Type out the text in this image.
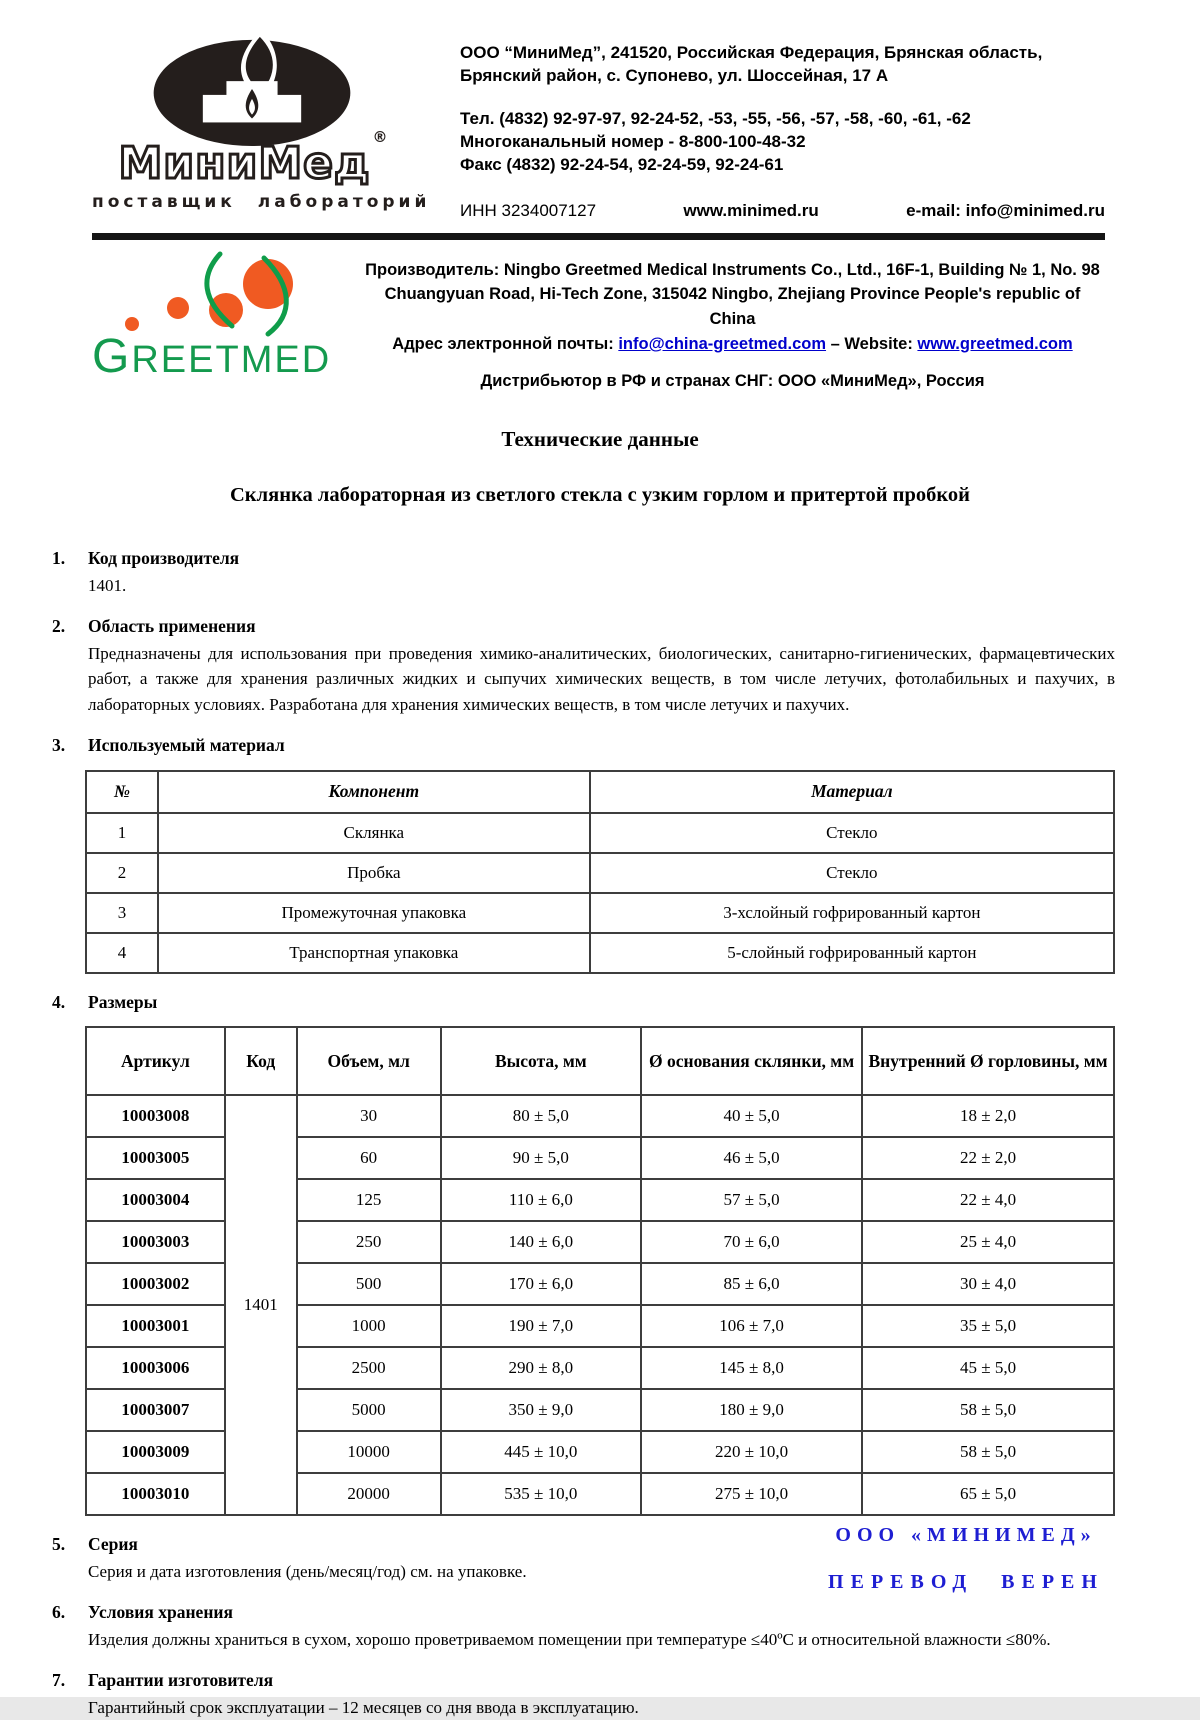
МиниМед®
поставщик лабораторий
ООО “МиниМед”, 241520, Российская Федерация, Брянская область,
Брянский район, с. Супонево, ул. Шоссейная, 17 А
Тел. (4832) 92-97-97, 92-24-52, -53, -55, -56, -57, -58, -60, -61, -62
Многоканальный номер - 8-800-100-48-32
Факс (4832) 92-24-54, 92-24-59, 92-24-61
ИНН 3234007127	www.minimed.ru	e-mail: info@minimed.ru
GREETMED
Производитель: Ningbo Greetmed Medical Instruments Co., Ltd., 16F-1, Building № 1, No. 98
Chuangyuan Road, Hi-Tech Zone, 315042 Ningbo, Zhejiang Province People's republic of China
Адрес электронной почты: info@china-greetmed.com – Website: www.greetmed.com
Дистрибьютор в РФ и странах СНГ: ООО «МиниМед», Россия
Технические данные
Склянка лабораторная из светлого стекла с узким горлом и притертой пробкой
1.	Код производителя
1401.
2.	Область применения
Предназначены для использования при проведения химико-аналитических, биологических, санитарно-гигиенических, фармацевтических работ, а также для хранения различных жидких и сыпучих химических веществ, в том числе летучих, фотолабильных и пахучих, в лабораторных условиях. Разработана для хранения химических веществ, в том числе летучих и пахучих.
3.	Используемый материал
№	Компонент	Материал
1	Склянка	Стекло
2	Пробка	Стекло
3	Промежуточная упаковка	3-хслойный гофрированный картон
4	Транспортная упаковка	5-слойный гофрированный картон
4.	Размеры
Артикул	Код	Объем, мл	Высота, мм	Ø основания склянки, мм	Внутренний Ø горловины, мм
10003008	1401	30	80 ± 5,0	40 ± 5,0	18 ± 2,0
10003005		60	90 ± 5,0	46 ± 5,0	22 ± 2,0
10003004		125	110 ± 6,0	57 ± 5,0	22 ± 4,0
10003003		250	140 ± 6,0	70 ± 6,0	25 ± 4,0
10003002		500	170 ± 6,0	85 ± 6,0	30 ± 4,0
10003001		1000	190 ± 7,0	106 ± 7,0	35 ± 5,0
10003006		2500	290 ± 8,0	145 ± 8,0	45 ± 5,0
10003007		5000	350 ± 9,0	180 ± 9,0	58 ± 5,0
10003009		10000	445 ± 10,0	220 ± 10,0	58 ± 5,0
10003010		20000	535 ± 10,0	275 ± 10,0	65 ± 5,0
5.	Серия
Серия и дата изготовления (день/месяц/год) см. на упаковке.
ООО «МИНИМЕД»
ПЕРЕВОД ВЕРЕН
6.	Условия хранения
Изделия должны храниться в сухом, хорошо проветриваемом помещении при температуре ≤40ºС и относительной влажности ≤80%.
7.	Гарантии изготовителя
Гарантийный срок эксплуатации – 12 месяцев со дня ввода в эксплуатацию.
